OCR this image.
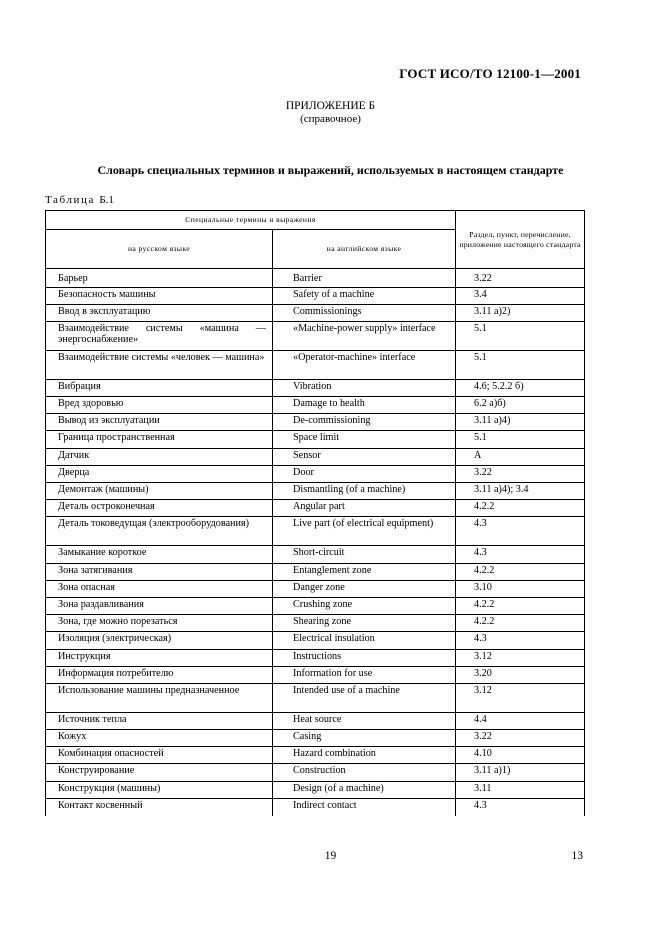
ГОСТ ИСО/ТО 12100-1—2001
ПРИЛОЖЕНИЕ Б
(справочное)
Словарь специальных терминов и выражений, используемых в настоящем стандарте
Таблица Б.1
Специальные термины и выражения		Раздел, пункт, перечисление, приложение настоящего стандарта
на русском языке	на английском языке	
Барьер	Barrier	3.22
Безопасность машины	Safety of a machine	3.4
Ввод в эксплуатацию	Commissionings	3.11 а)2)
Взаимодействие системы «машина — энергоснабжение»	«Machine-power supply» interface	5.1
Взаимодействие системы «человек — машина»	«Operator-machine» interface	5.1
Вибрация	Vibration	4.6; 5.2.2 б)
Вред здоровью	Damage to health	6.2 а)б)
Вывод из эксплуатации	De-commissioning	3.11 а)4)
Граница пространственная	Space limit	5.1
Датчик	Sensor	А
Дверца	Door	3.22
Демонтаж (машины)	Dismantling (of a machine)	3.11 а)4); 3.4
Деталь остроконечная	Angular part	4.2.2
Деталь токоведущая (электрооборудования)	Live part (of electrical equipment)	4.3
Замыкание короткое	Short-circuit	4.3
Зона затягивания	Entanglement zone	4.2.2
Зона опасная	Danger zone	3.10
Зона раздавливания	Crushing zone	4.2.2
Зона, где можно порезаться	Shearing zone	4.2.2
Изоляция (электрическая)	Electrical insulation	4.3
Инструкция	Instructions	3.12
Информация потребителю	Information for use	3.20
Использование машины предназначенное	Intended use of a machine	3.12
Источник тепла	Heat source	4.4
Кожух	Casing	3.22
Комбинация опасностей	Hazard combination	4.10
Конструирование	Construction	3.11 а)1)
Конструкция (машины)	Design (of a machine)	3.11
Контакт косвенный	Indirect contact	4.3
19	13
